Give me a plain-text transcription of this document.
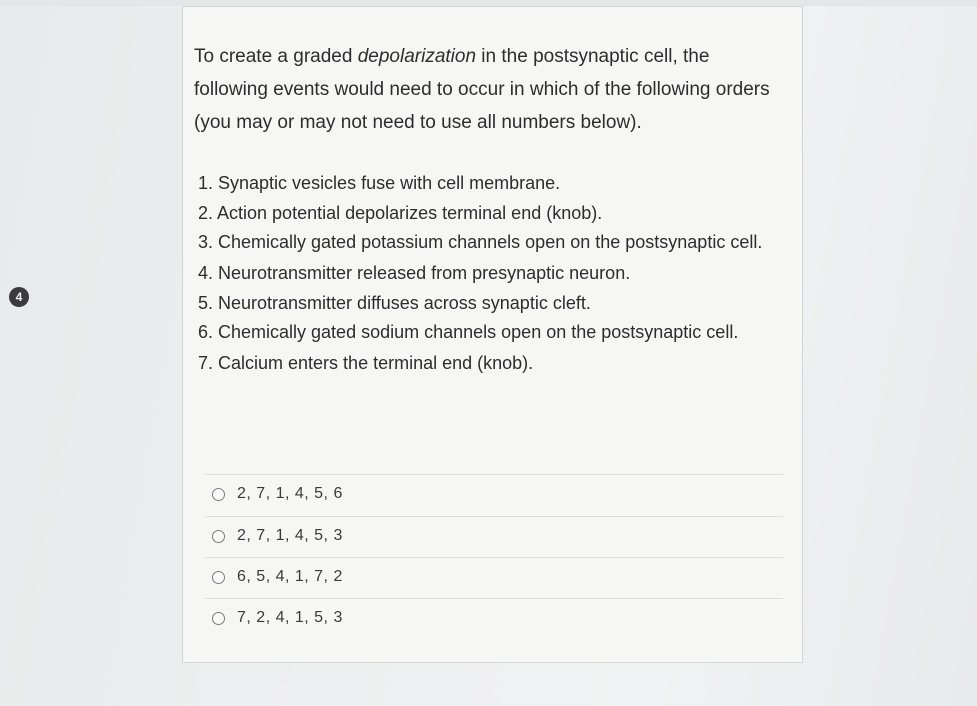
4
To create a graded depolarization in the postsynaptic cell, the following events would need to occur in which of the following orders (you may or may not need to use all numbers below).
1. Synaptic vesicles fuse with cell membrane.
2. Action potential depolarizes terminal end (knob).
3. Chemically gated potassium channels open on the postsynaptic cell.
4. Neurotransmitter released from presynaptic neuron.
5. Neurotransmitter diffuses across synaptic cleft.
6. Chemically gated sodium channels open on the postsynaptic cell.
7. Calcium enters the terminal end (knob).
2, 7, 1, 4, 5, 6
2, 7, 1, 4, 5, 3
6, 5, 4, 1, 7, 2
7, 2, 4, 1, 5, 3
